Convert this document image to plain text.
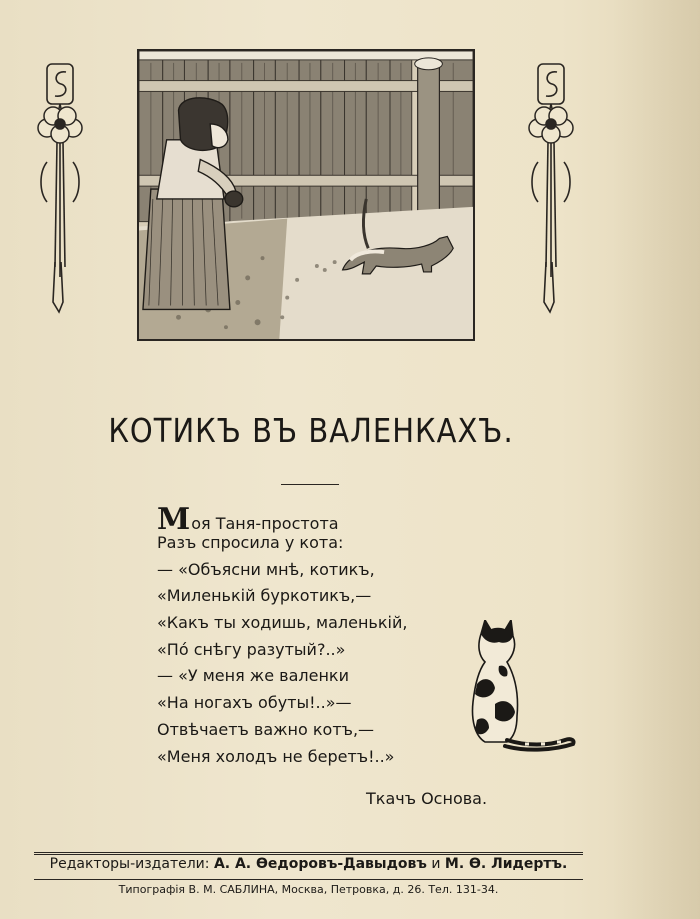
КОТИКЪ ВЪ ВАЛЕНКАХЪ.
Моя Таня-простота
Разъ спросила у кота:
— «Объясни мнѣ, котикъ,
«Миленькій буркотикъ,—
«Какъ ты ходишь, маленькій,
«По́ снѣгу разутый?..»
— «У меня же валенки
«На ногахъ обуты!..»—
Отвѣчаетъ важно котъ,—
«Меня холодъ не беретъ!..»
Ткачъ Основа.
Редакторы-издатели: А. А. Ѳедоровъ-Давыдовъ и М. Ѳ. Лидертъ.
Типографія В. М. САБЛИНА, Москва, Петровка, д. 26. Тел. 131-34.
